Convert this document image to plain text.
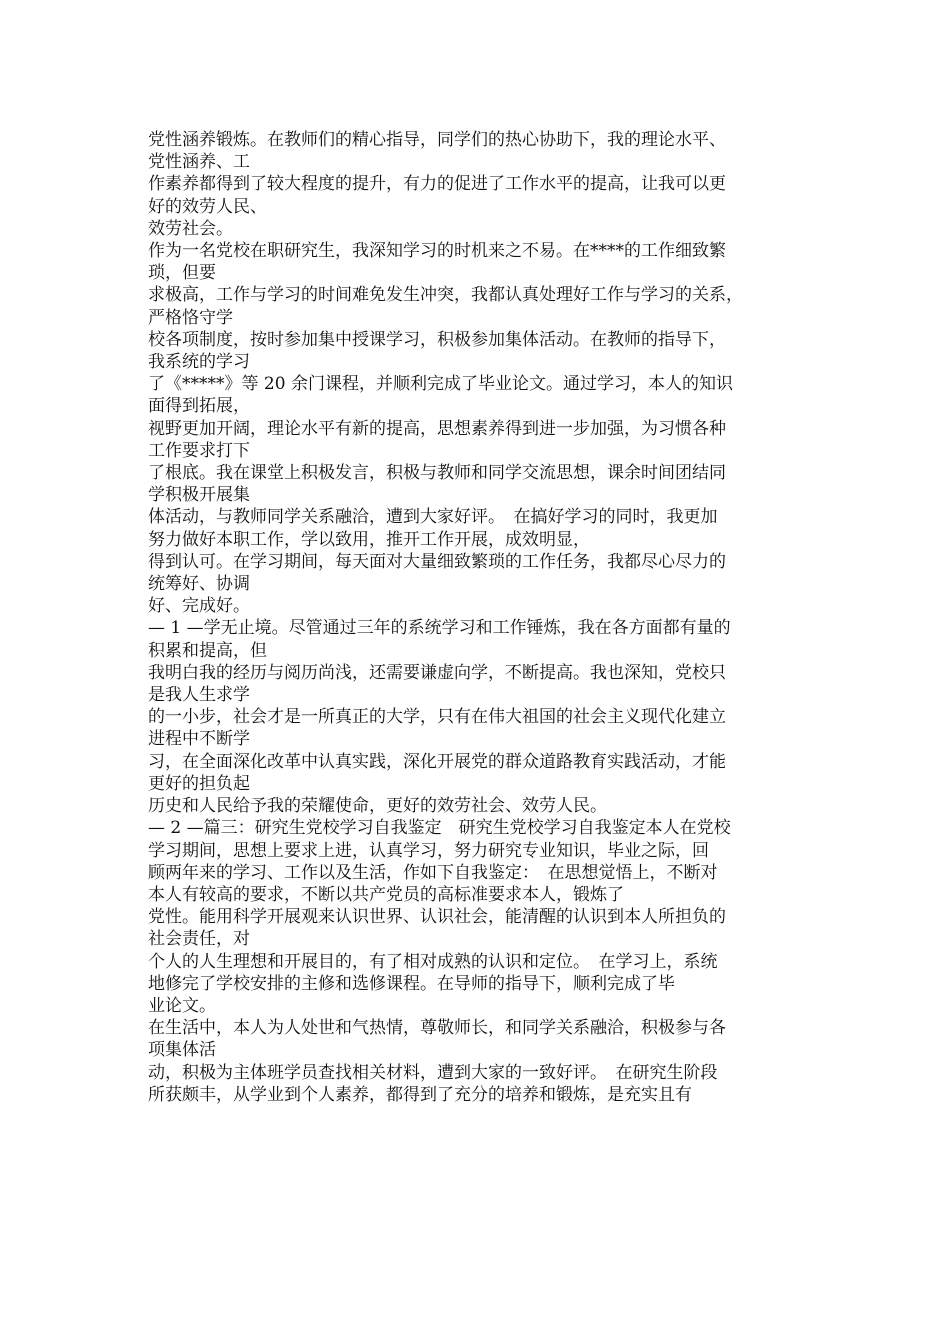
党性涵养锻炼。在教师们的精心指导，同学们的热心协助下，我的理论水平、

党性涵养、工

作素养都得到了较大程度的提升，有力的促进了工作水平的提高，让我可以更

好的效劳人民、

效劳社会。

作为一名党校在职研究生，我深知学习的时机来之不易。在****的工作细致繁

琐，但要

求极高，工作与学习的时间难免发生冲突，我都认真处理好工作与学习的关系，

严格恪守学

校各项制度，按时参加集中授课学习，积极参加集体活动。在教师的指导下，

我系统的学习

了《*****》等 20 余门课程，并顺利完成了毕业论文。通过学习，本人的知识

面得到拓展，

视野更加开阔，理论水平有新的提高，思想素养得到进一步加强，为习惯各种

工作要求打下

了根底。我在课堂上积极发言，积极与教师和同学交流思想，课余时间团结同

学积极开展集

体活动，与教师同学关系融洽，遭到大家好评。　在搞好学习的同时，我更加

努力做好本职工作，学以致用，推开工作开展，成效明显，

得到认可。在学习期间，每天面对大量细致繁琐的工作任务，我都尽心尽力的

统筹好、协调

好、完成好。

— 1 —学无止境。尽管通过三年的系统学习和工作锤炼，我在各方面都有量的

积累和提高，但

我明白我的经历与阅历尚浅，还需要谦虚向学，不断提高。我也深知，党校只

是我人生求学

的一小步，社会才是一所真正的大学，只有在伟大祖国的社会主义现代化建立

进程中不断学

习，在全面深化改革中认真实践，深化开展党的群众道路教育实践活动，才能

更好的担负起

历史和人民给予我的荣耀使命，更好的效劳社会、效劳人民。

— 2 —篇三：研究生党校学习自我鉴定　研究生党校学习自我鉴定本人在党校

学习期间，思想上要求上进，认真学习，努力研究专业知识，毕业之际，回

顾两年来的学习、工作以及生活，作如下自我鉴定：　在思想觉悟上，不断对

本人有较高的要求，不断以共产党员的高标准要求本人，锻炼了

党性。能用科学开展观来认识世界、认识社会，能清醒的认识到本人所担负的

社会责任，对

个人的人生理想和开展目的，有了相对成熟的认识和定位。　在学习上，系统

地修完了学校安排的主修和选修课程。在导师的指导下，顺利完成了毕

业论文。

在生活中，本人为人处世和气热情，尊敬师长，和同学关系融洽，积极参与各

项集体活

动，积极为主体班学员查找相关材料，遭到大家的一致好评。　在研究生阶段

所获颇丰，从学业到个人素养，都得到了充分的培养和锻炼，是充实且有
